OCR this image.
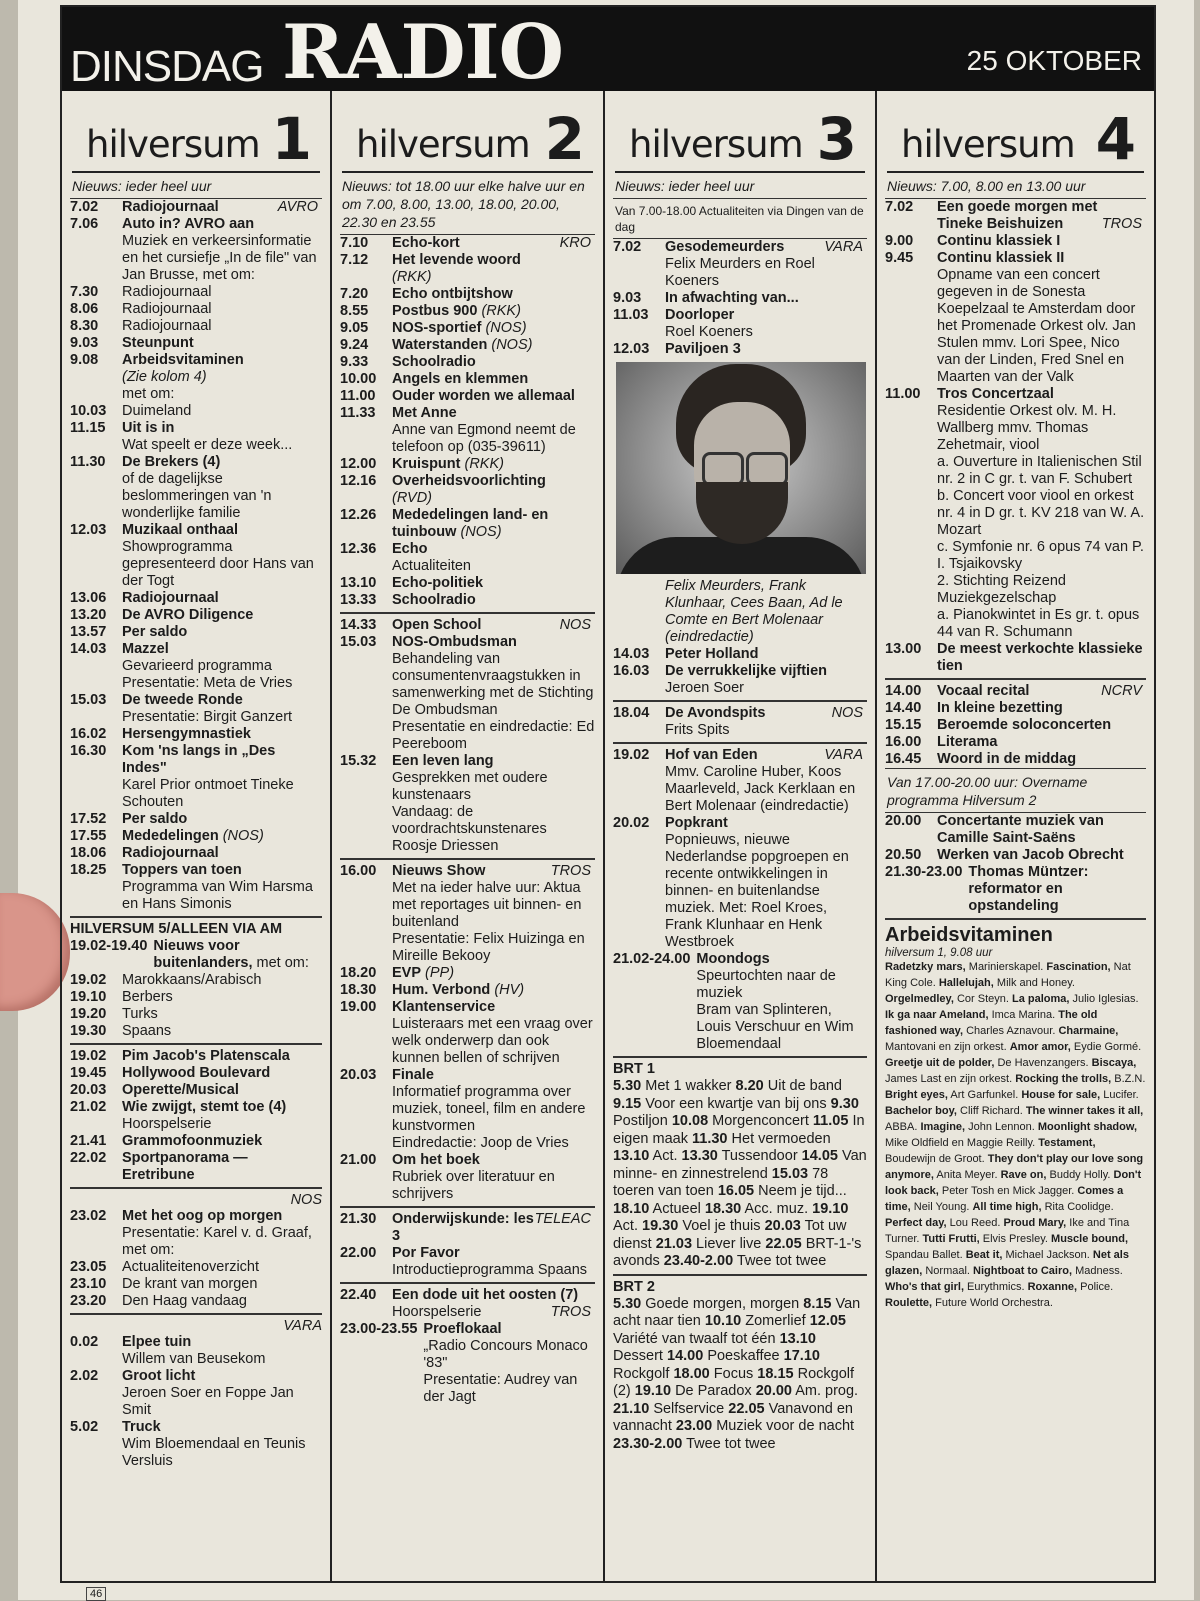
DINSDAG RADIO	25 OKTOBER
hilversum 1
Nieuws: ieder heel uur
7.02	Radiojournaal	AVRO
7.06	Auto in? AVRO aan
Muziek en verkeersinformatie en het cursiefje „In de file" van Jan Brusse, met om:
7.30	Radiojournaal
8.06	Radiojournaal
8.30	Radiojournaal
9.03	Steunpunt
9.08	Arbeidsvitaminen
(Zie kolom 4)
met om:
10.03	Duimeland
11.15	Uit is in
Wat speelt er deze week...
11.30	De Brekers (4)
of de dagelijkse beslommeringen van 'n wonderlijke familie
12.03	Muzikaal onthaal
Showprogramma gepresenteerd door Hans van der Togt
13.06	Radiojournaal
13.20	De AVRO Diligence
13.57	Per saldo
14.03	Mazzel
Gevarieerd programma Presentatie: Meta de Vries
15.03	De tweede Ronde
Presentatie: Birgit Ganzert
16.02	Hersengymnastiek
16.30	Kom 'ns langs in „Des Indes"
Karel Prior ontmoet Tineke Schouten
17.52	Per saldo
17.55	Mededelingen (NOS)
18.06	Radiojournaal
18.25	Toppers van toen
Programma van Wim Harsma en Hans Simonis
HILVERSUM 5/ALLEEN VIA AM
19.02-19.40 Nieuws voor buitenlanders, met om:
19.02	Marokkaans/Arabisch
19.10	Berbers
19.20	Turks
19.30	Spaans
19.02	Pim Jacob's Platenscala
19.45	Hollywood Boulevard
20.03	Operette/Musical
21.02	Wie zwijgt, stemt toe (4)
Hoorspelserie
21.41	Grammofoonmuziek
22.02	Sportpanorama — Eretribune
NOS
23.02	Met het oog op morgen
Presentatie: Karel v. d. Graaf, met om:
23.05	Actualiteitenoverzicht
23.10	De krant van morgen
23.20	Den Haag vandaag
VARA
0.02	Elpee tuin
Willem van Beusekom
2.02	Groot licht
Jeroen Soer en Foppe Jan Smit
5.02	Truck
Wim Bloemendaal en Teunis Versluis
hilversum 2
Nieuws: tot 18.00 uur elke halve uur en om 7.00, 8.00, 13.00, 18.00, 20.00, 22.30 en 23.55
7.10	Echo-kort	KRO
7.12	Het levende woord
(RKK)
7.20	Echo ontbijtshow
8.55	Postbus 900 (RKK)
9.05	NOS-sportief (NOS)
9.24	Waterstanden (NOS)
9.33	Schoolradio
10.00	Angels en klemmen
11.00	Ouder worden we allemaal
11.33	Met Anne
Anne van Egmond neemt de telefoon op (035-39611)
12.00	Kruispunt (RKK)
12.16	Overheidsvoorlichting
(RVD)
12.26	Mededelingen land- en tuinbouw (NOS)
12.36	Echo
Actualiteiten
13.10	Echo-politiek
13.33	Schoolradio
14.33	Open School	NOS
15.03	NOS-Ombudsman
Behandeling van consumentenvraagstukken in samenwerking met de Stichting De Ombudsman
Presentatie en eindredactie: Ed Peereboom
15.32	Een leven lang
Gesprekken met oudere kunstenaars
Vandaag: de voordrachtskunstenares Roosje Driessen
16.00	Nieuws Show	TROS

Met na ieder halve uur: Aktua met reportages uit binnen- en buitenland
Presentatie: Felix Huizinga en Mireille Bekooy
18.20	EVP (PP)
18.30	Hum. Verbond (HV)
19.00	Klantenservice
Luisteraars met een vraag over welk onderwerp dan ook kunnen bellen of schrijven
20.03	Finale
Informatief programma over muziek, toneel, film en andere kunstvormen
Eindredactie: Joop de Vries
21.00	Om het boek
Rubriek over literatuur en schrijvers
21.30	Onderwijskunde: TELEAC
les 3
22.00	Por Favor
Introductieprogramma Spaans
22.40	Een dode uit het oosten (7)
TROS

Hoorspelserie
23.00-23.55 Proeflokaal
„Radio Concours Monaco '83"
Presentatie: Audrey van der Jagt
hilversum 3
Nieuws: ieder heel uur
Van 7.00-18.00 Actualiteiten via Dingen van de dag
7.02	Gesodemeurders	VARA

Felix Meurders en Roel Koeners
9.03	In afwachting van...
11.03	Doorloper
Roel Koeners
12.03	Paviljoen 3
Felix Meurders, Frank Klunhaar, Cees Baan, Ad le Comte en Bert Molenaar (eindredactie)
14.03	Peter Holland
16.03	De verrukkelijke vijftien
Jeroen Soer
18.04	De Avondspits	NOS

Frits Spits
19.02	Hof van Eden	VARA

Mmv. Caroline Huber, Koos Maarleveld, Jack Kerklaan en Bert Molenaar (eindredactie)
20.02	Popkrant
Popnieuws, nieuwe Nederlandse popgroepen en recente ontwikkelingen in binnen- en buitenlandse muziek. Met: Roel Kroes, Frank Klunhaar en Henk Westbroek
21.02-24.00 Moondogs
Speurtochten naar de muziek
Bram van Splinteren, Louis Verschuur en Wim Bloemendaal
BRT 1
5.30 Met 1 wakker 8.20 Uit de band 9.15 Voor een kwartje van bij ons 9.30 Postiljon 10.08 Morgenconcert 11.05 In eigen maak 11.30 Het vermoeden 13.10 Act. 13.30 Tussendoor 14.05 Van minne- en zinnestrelend 15.03 78 toeren van toen 16.05 Neem je tijd... 18.10 Actueel 18.30 Acc. muz. 19.10 Act. 19.30 Voel je thuis 20.03 Tot uw dienst 21.03 Liever live 22.05 BRT-1-'s avonds 23.40-2.00 Twee tot twee
BRT 2
5.30 Goede morgen, morgen 8.15 Van acht naar tien 10.10 Zomerlief 12.05 Variété van twaalf tot één 13.10 Dessert 14.00 Poeskaffee 17.10 Rockgolf 18.00 Focus 18.15 Rockgolf (2) 19.10 De Paradox 20.00 Am. prog. 21.10 Selfservice 22.05 Vanavond en vannacht 23.00 Muziek voor de nacht 23.30-2.00 Twee tot twee
hilversum 4
Nieuws: 7.00, 8.00 en 13.00 uur
7.02	Een goede morgen met Tineke Beishuizen	TROS
9.00	Continu klassiek I
9.45	Continu klassiek II
Opname van een concert gegeven in de Sonesta Koepelzaal te Amsterdam door het Promenade Orkest olv. Jan Stulen mmv. Lori Spee, Nico van der Linden, Fred Snel en Maarten van der Valk
11.00	Tros Concertzaal
Residentie Orkest olv. M. H. Wallberg mmv. Thomas Zehetmair, viool
a. Ouverture in Italienischen Stil nr. 2 in C gr. t. van F. Schubert
b. Concert voor viool en orkest nr. 4 in D gr. t. KV 218 van W. A. Mozart
c. Symfonie nr. 6 opus 74 van P. I. Tsjaikovsky
2. Stichting Reizend Muziekgezelschap
a. Pianokwintet in Es gr. t. opus 44 van R. Schumann
13.00	De meest verkochte klassieke tien
14.00	Vocaal recital	NCRV
14.40	In kleine bezetting
15.15	Beroemde soloconcerten
16.00	Literama
16.45	Woord in de middag
Van 17.00-20.00 uur: Overname programma Hilversum 2
20.00	Concertante muziek van Camille Saint-Saëns
20.50	Werken van Jacob Obrecht
21.30-23.00 Thomas Müntzer: reformator en opstandeling
Arbeidsvitaminen
hilversum 1, 9.08 uur
Radetzky mars, Marinierskapel. Fascination, Nat King Cole. Hallelujah, Milk and Honey. Orgelmedley, Cor Steyn. La paloma, Julio Iglesias. Ik ga naar Ameland, Imca Marina. The old fashioned way, Charles Aznavour. Charmaine, Mantovani en zijn orkest. Amor amor, Eydie Gormé. Greetje uit de polder, De Havenzangers. Biscaya, James Last en zijn orkest. Rocking the trolls, B.Z.N. Bright eyes, Art Garfunkel. House for sale, Lucifer. Bachelor boy, Cliff Richard. The winner takes it all, ABBA. Imagine, John Lennon. Moonlight shadow, Mike Oldfield en Maggie Reilly. Testament, Boudewijn de Groot. They don't play our love song anymore, Anita Meyer. Rave on, Buddy Holly. Don't look back, Peter Tosh en Mick Jagger. Comes a time, Neil Young. All time high, Rita Coolidge. Perfect day, Lou Reed. Proud Mary, Ike and Tina Turner. Tutti Frutti, Elvis Presley. Muscle bound, Spandau Ballet. Beat it, Michael Jackson. Net als glazen, Normaal. Nightboat to Cairo, Madness. Who's that girl, Eurythmics. Roxanne, Police. Roulette, Future World Orchestra.
46
